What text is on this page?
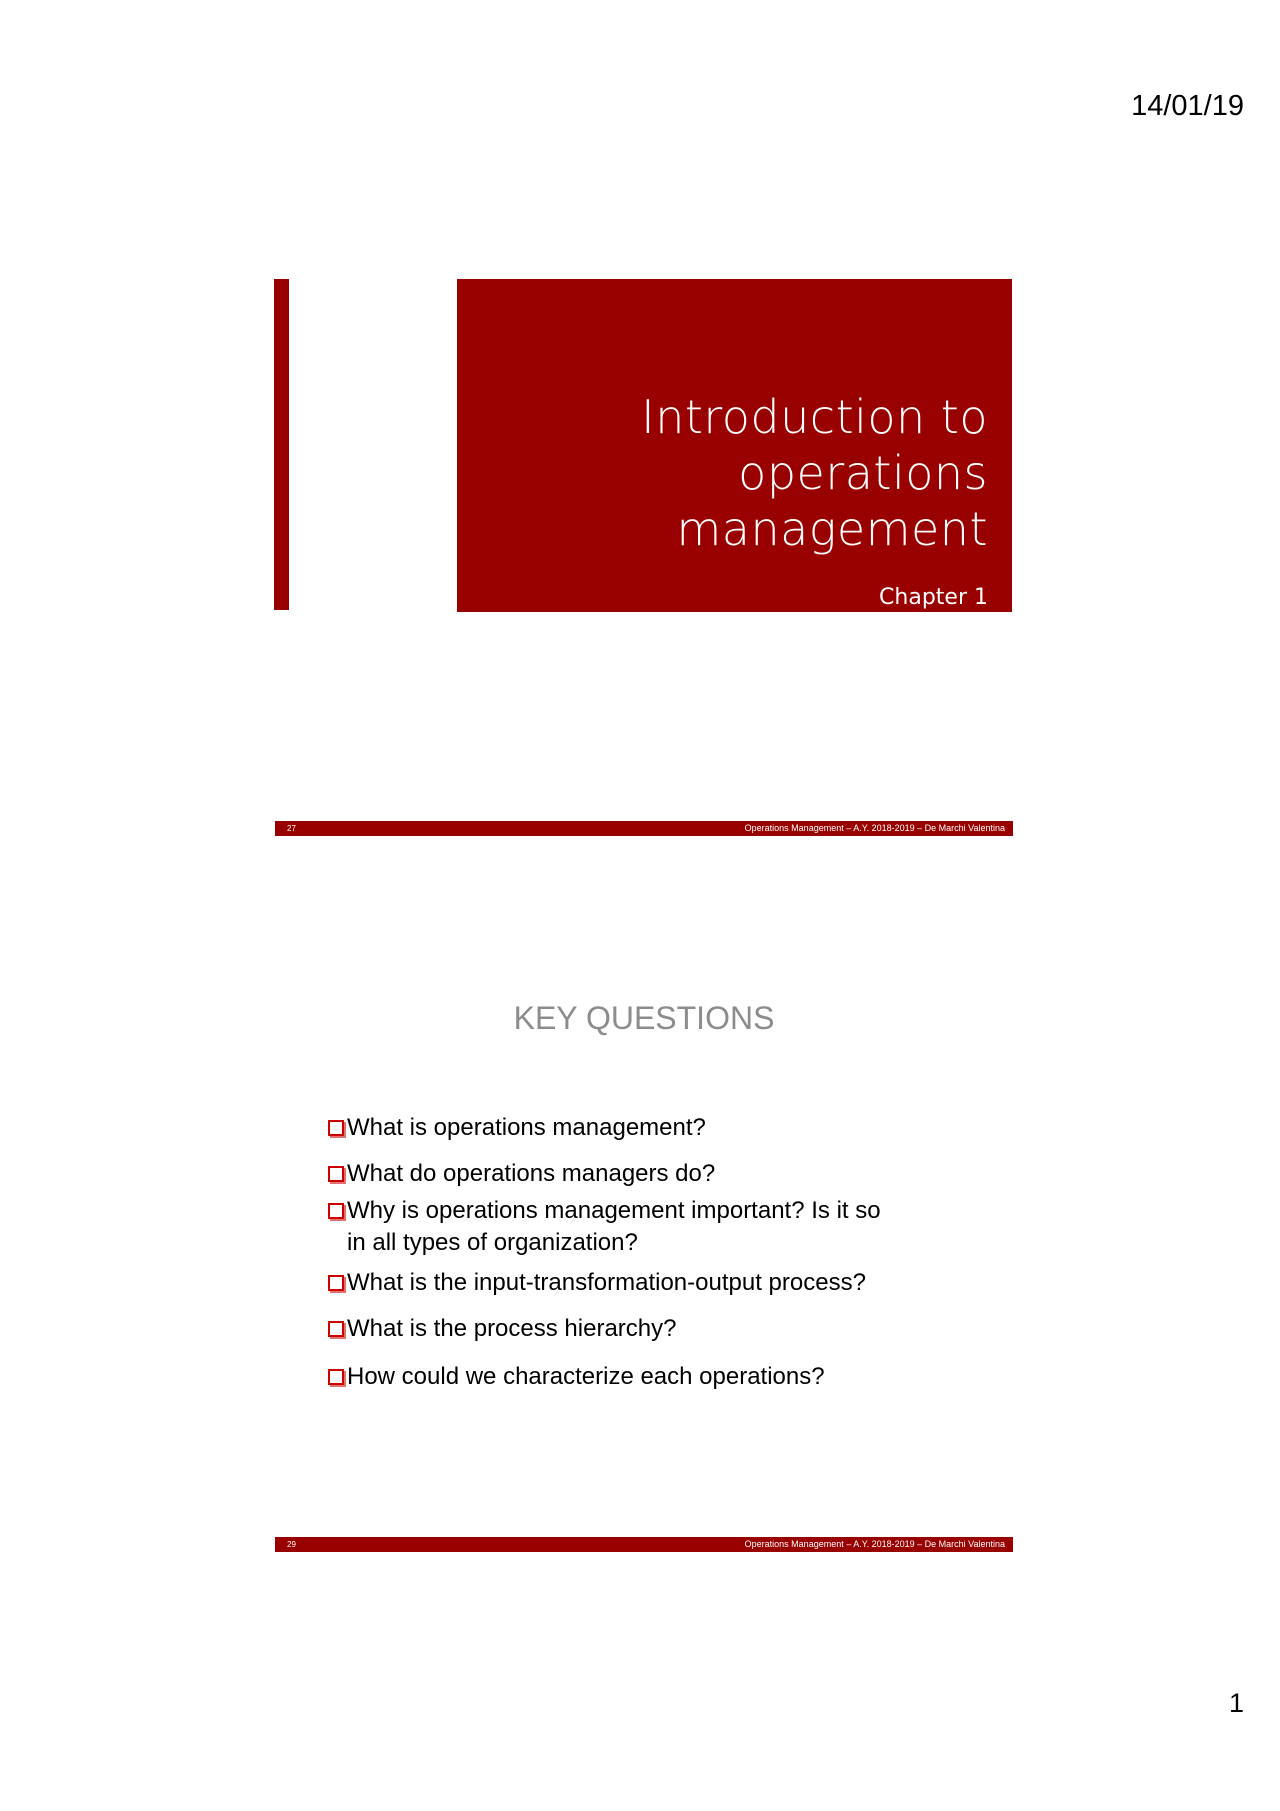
14/01/19
Introduction to
operations
management
Chapter 1
27	Operations Management – A.Y. 2018-2019 – De Marchi Valentina
KEY QUESTIONS
What is operations management?
What do operations managers do?
Why is operations management important? Is it so
in all types of organization?
What is the input-transformation-output process?
What is the process hierarchy?
How could we characterize each operations?
29	Operations Management – A.Y. 2018-2019 – De Marchi Valentina
1
